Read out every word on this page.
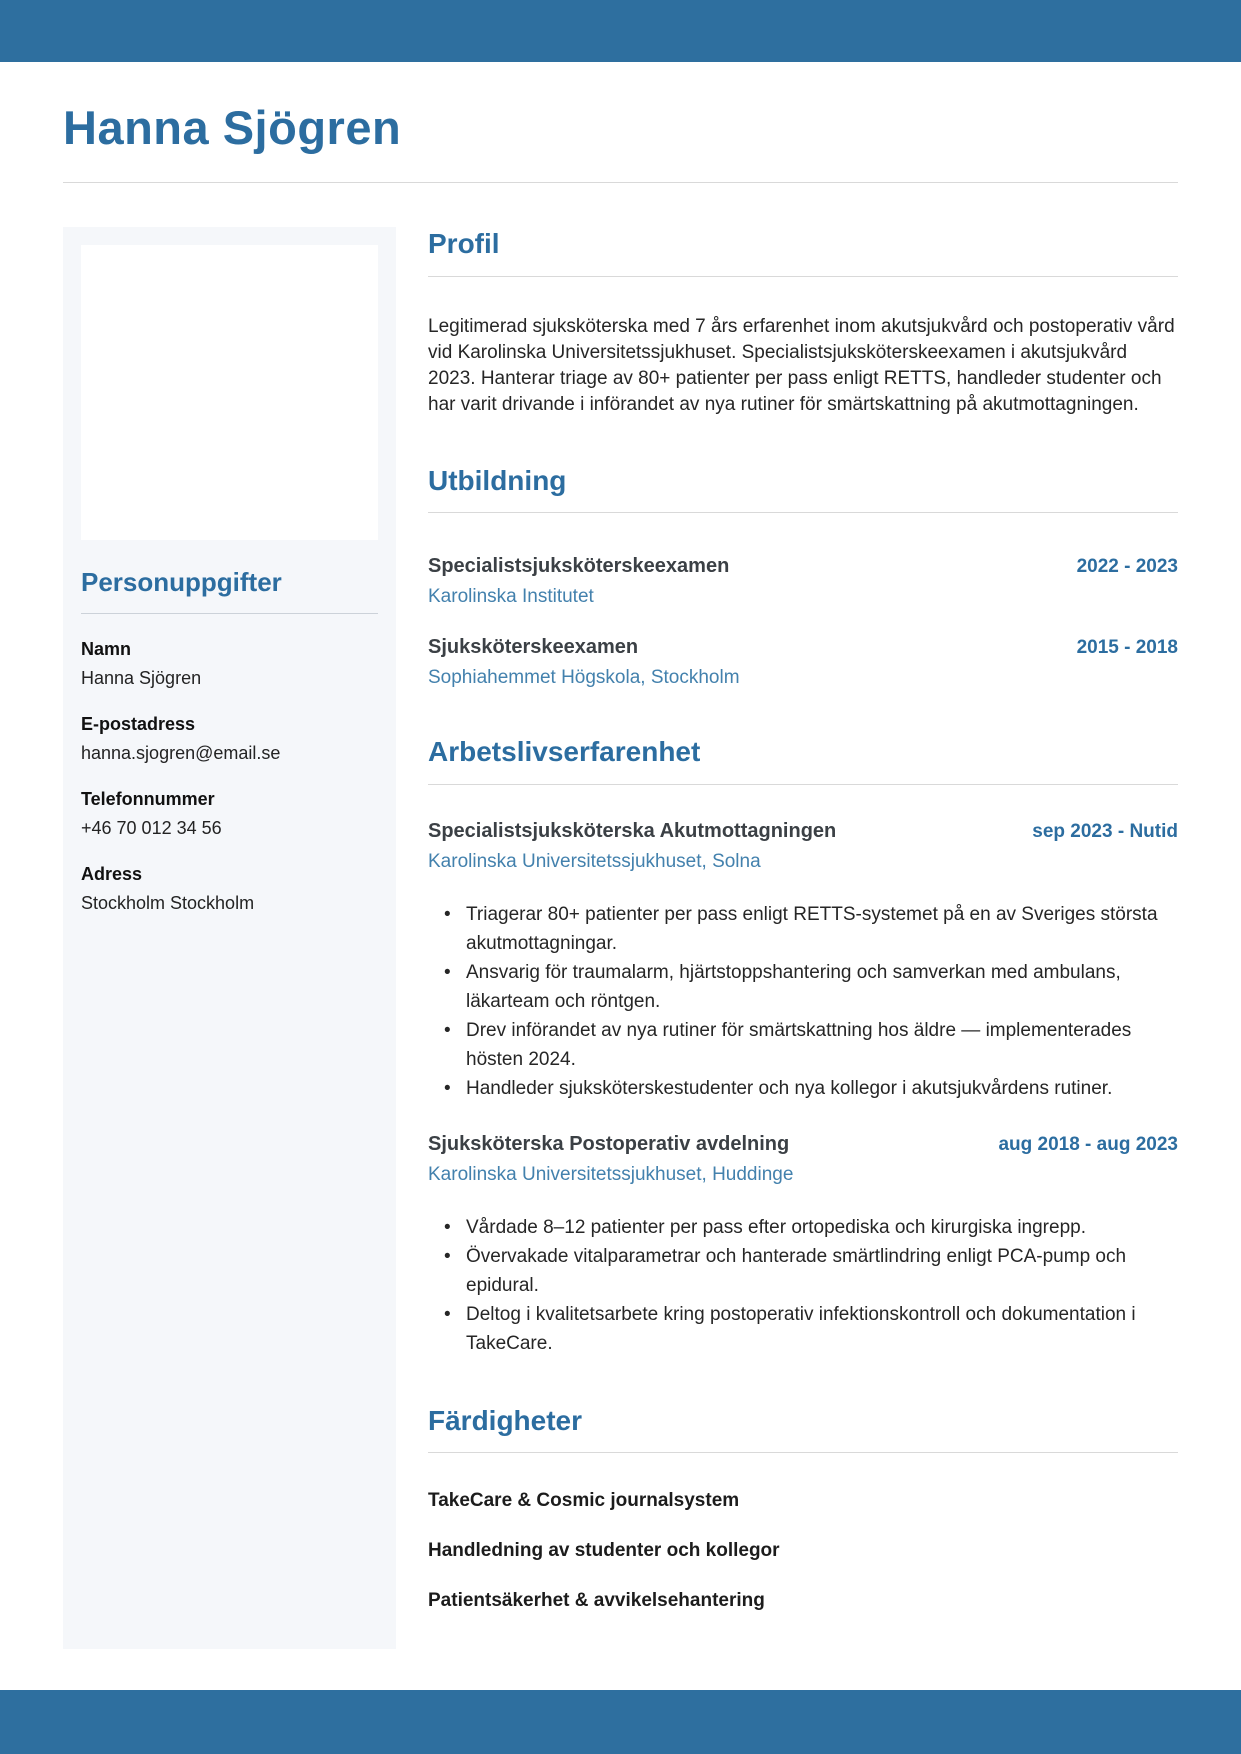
Hanna Sjögren
Personuppgifter
Namn
Hanna Sjögren
E-postadress
hanna.sjogren@email.se
Telefonnummer
+46 70 012 34 56
Adress
Stockholm Stockholm
Profil

Legitimerad sjuksköterska med 7 års erfarenhet inom akutsjukvård och postoperativ vård vid Karolinska Universitetssjukhuset. Specialistsjuksköterskeexamen i akutsjukvård 2023. Hanterar triage av 80+ patienter per pass enligt RETTS, handleder studenter och har varit drivande i införandet av nya rutiner för smärtskattning på akutmottagningen.

Utbildning
Specialistsjuksköterskeexamen	2022 - 2023
Karolinska Institutet
Sjuksköterskeexamen	2015 - 2018
Sophiahemmet Högskola, Stockholm
Arbetslivserfarenhet
Specialistsjuksköterska Akutmottagningen	sep 2023 - Nutid
Karolinska Universitetssjukhuset, Solna
• Triagerar 80+ patienter per pass enligt RETTS-systemet på en av Sveriges största akutmottagningar.
• Ansvarig för traumalarm, hjärtstoppshantering och samverkan med ambulans, läkarteam och röntgen.
• Drev införandet av nya rutiner för smärtskattning hos äldre — implementerades hösten 2024.
• Handleder sjuksköterskestudenter och nya kollegor i akutsjukvårdens rutiner.
Sjuksköterska Postoperativ avdelning	aug 2018 - aug 2023
Karolinska Universitetssjukhuset, Huddinge
• Vårdade 8–12 patienter per pass efter ortopediska och kirurgiska ingrepp.
• Övervakade vitalparametrar och hanterade smärtlindring enligt PCA-pump och epidural.
• Deltog i kvalitetsarbete kring postoperativ infektionskontroll och dokumentation i TakeCare.
Färdigheter
TakeCare & Cosmic journalsystem
Handledning av studenter och kollegor
Patientsäkerhet & avvikelsehantering
